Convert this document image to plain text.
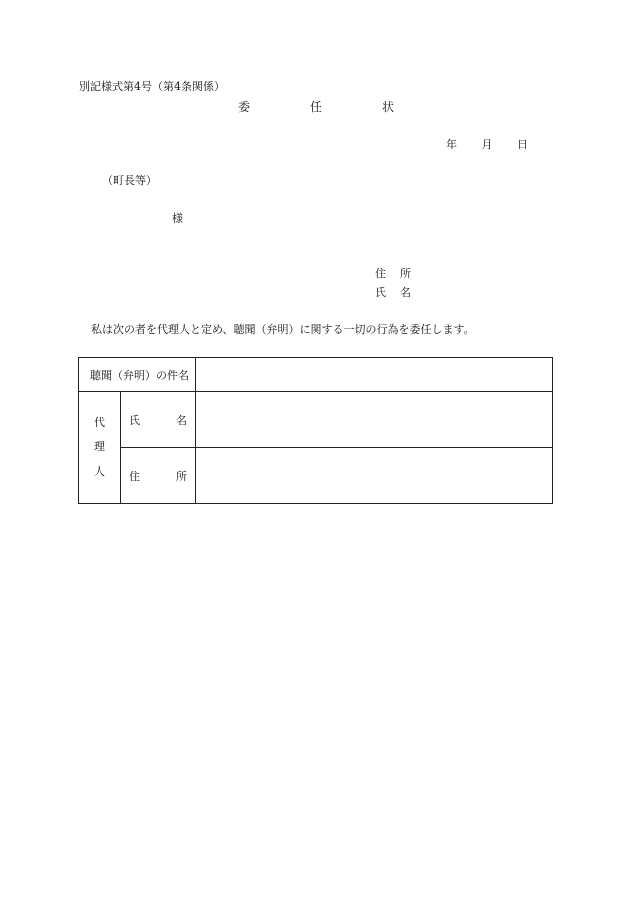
別記様式第4号（第4条関係）
委	任	状
年 月 日
（町長等）
様
住 所
氏 名
私は次の者を代理人と定め、聴聞（弁明）に関する一切の行為を委任します。
聴聞（弁明）の件名		

代
理
人	氏 名	

	住 所	
